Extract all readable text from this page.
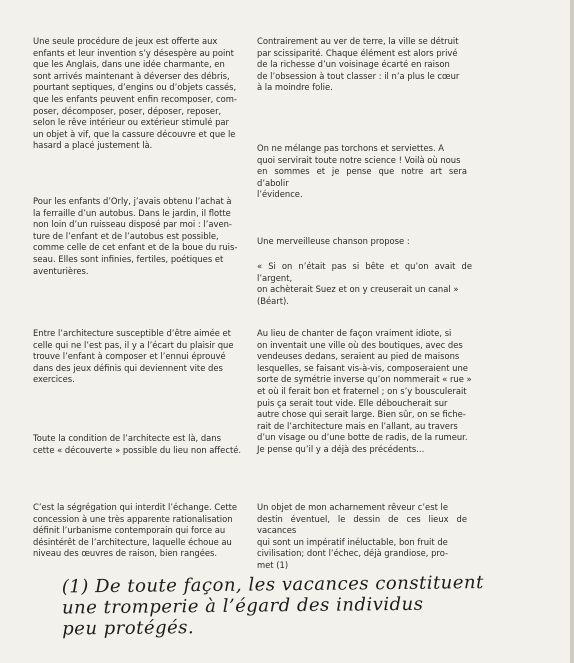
Une seule procédure de jeux est offerte aux
enfants et leur invention s’y désespère au point
que les Anglais, dans une idée charmante, en
sont arrivés maintenant à déverser des débris,
pourtant septiques, d’engins ou d’objets cassés,
que les enfants peuvent enfin recomposer, com-
poser, décomposer, poser, déposer, reposer,
selon le rêve intérieur ou extérieur stimulé par
un objet à vif, que la cassure découvre et que le
hasard a placé justement là.
Pour les enfants d’Orly, j’avais obtenu l’achat à
la ferraille d’un autobus. Dans le jardin, il flotte
non loin d’un ruisseau disposé par moi : l’aven-
ture de l’enfant et de l’autobus est possible,
comme celle de cet enfant et de la boue du ruis-
seau. Elles sont infinies, fertiles, poétiques et
aventurières.
Entre l’architecture susceptible d’être aimée et
celle qui ne l’est pas, il y a l’écart du plaisir que
trouve l’enfant à composer et l’ennui éprouvé
dans des jeux définis qui deviennent vite des
exercices.
Toute la condition de l’architecte est là, dans
cette « découverte » possible du lieu non affecté.
C’est la ségrégation qui interdit l’échange. Cette
concession à une très apparente rationalisation
définit l’urbanisme contemporain qui force au
désintérêt de l’architecture, laquelle échoue au
niveau des œuvres de raison, bien rangées.
Contrairement au ver de terre, la ville se détruit
par scissiparité. Chaque élément est alors privé
de la richesse d’un voisinage écarté en raison
de l’obsession à tout classer : il n’a plus le cœur
à la moindre folie.
On ne mélange pas torchons et serviettes. A
quoi servirait toute notre science ! Voilà où nous
en sommes et je pense que notre art sera d’abolir
l’évidence.
Une merveilleuse chanson propose :
« Si on n’était pas si bête et qu’on avait de l’argent,
on achèterait Suez et on y creuserait un canal »
(Béart).
Au lieu de chanter de façon vraiment idiote, si
on inventait une ville où des boutiques, avec des
vendeuses dedans, seraient au pied de maisons
lesquelles, se faisant vis-à-vis, composeraient une
sorte de symétrie inverse qu’on nommerait « rue »
et où il ferait bon et fraternel ; on s’y bousculerait
puis ça serait tout vide. Elle déboucherait sur
autre chose qui serait large. Bien sûr, on se fiche-
rait de l’architecture mais en l’allant, au travers
d’un visage ou d’une botte de radis, de la rumeur.
Je pense qu’il y a déjà des précédents...
Un objet de mon acharnement rêveur c’est le
destin éventuel, le dessin de ces lieux de vacances
qui sont un impératif inéluctable, bon fruit de
civilisation; dont l’échec, déjà grandiose, pro-
met (1)
(1) De toute façon, les vacances constituent
une tromperie à l’égard des individus
peu protégés.
